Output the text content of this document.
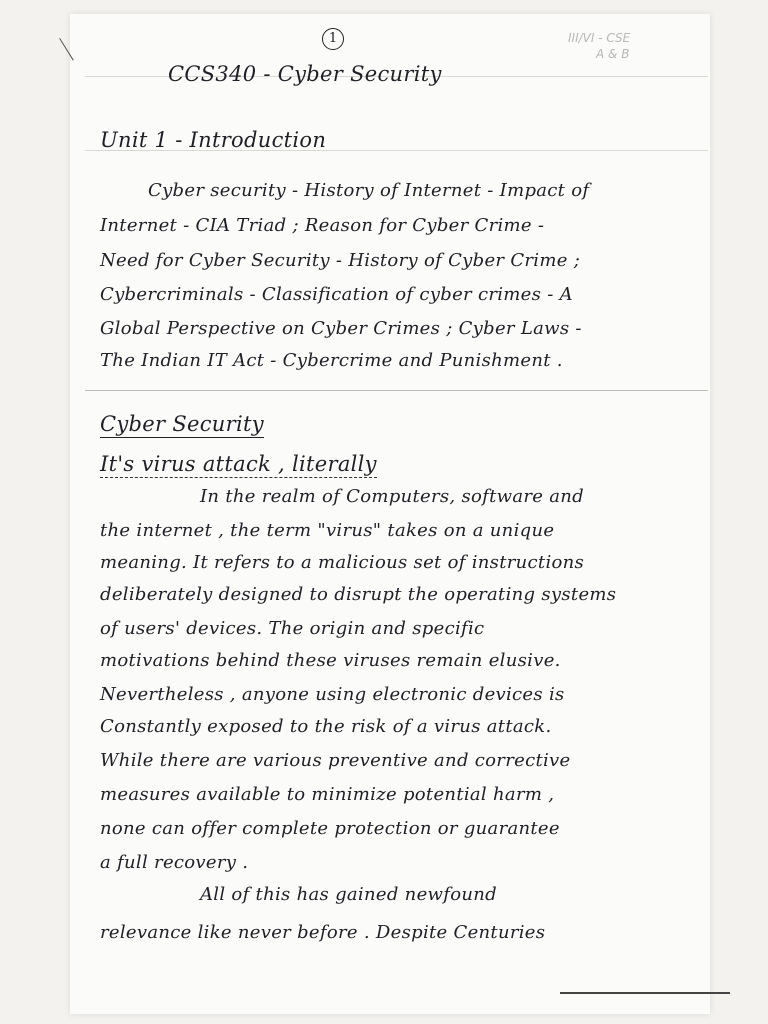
1	III/VI - CSE
A & B
CCS340 - Cyber Security
Unit 1 - Introduction
Cyber security - History of Internet - Impact of
Internet - CIA Triad ; Reason for Cyber Crime -
Need for Cyber Security - History of Cyber Crime ;
Cybercriminals - Classification of cyber crimes - A
Global Perspective on Cyber Crimes ; Cyber Laws -
The Indian IT Act - Cybercrime and Punishment .
Cyber Security
It's virus attack , literally
In the realm of Computers, software and
the internet , the term "virus" takes on a unique
meaning. It refers to a malicious set of instructions
deliberately designed to disrupt the operating systems
of users' devices. The origin and specific
motivations behind these viruses remain elusive.
Nevertheless , anyone using electronic devices is
Constantly exposed to the risk of a virus attack.
While there are various preventive and corrective
measures available to minimize potential harm ,
none can offer complete protection or guarantee
a full recovery .
All of this has gained newfound
relevance like never before . Despite Centuries
